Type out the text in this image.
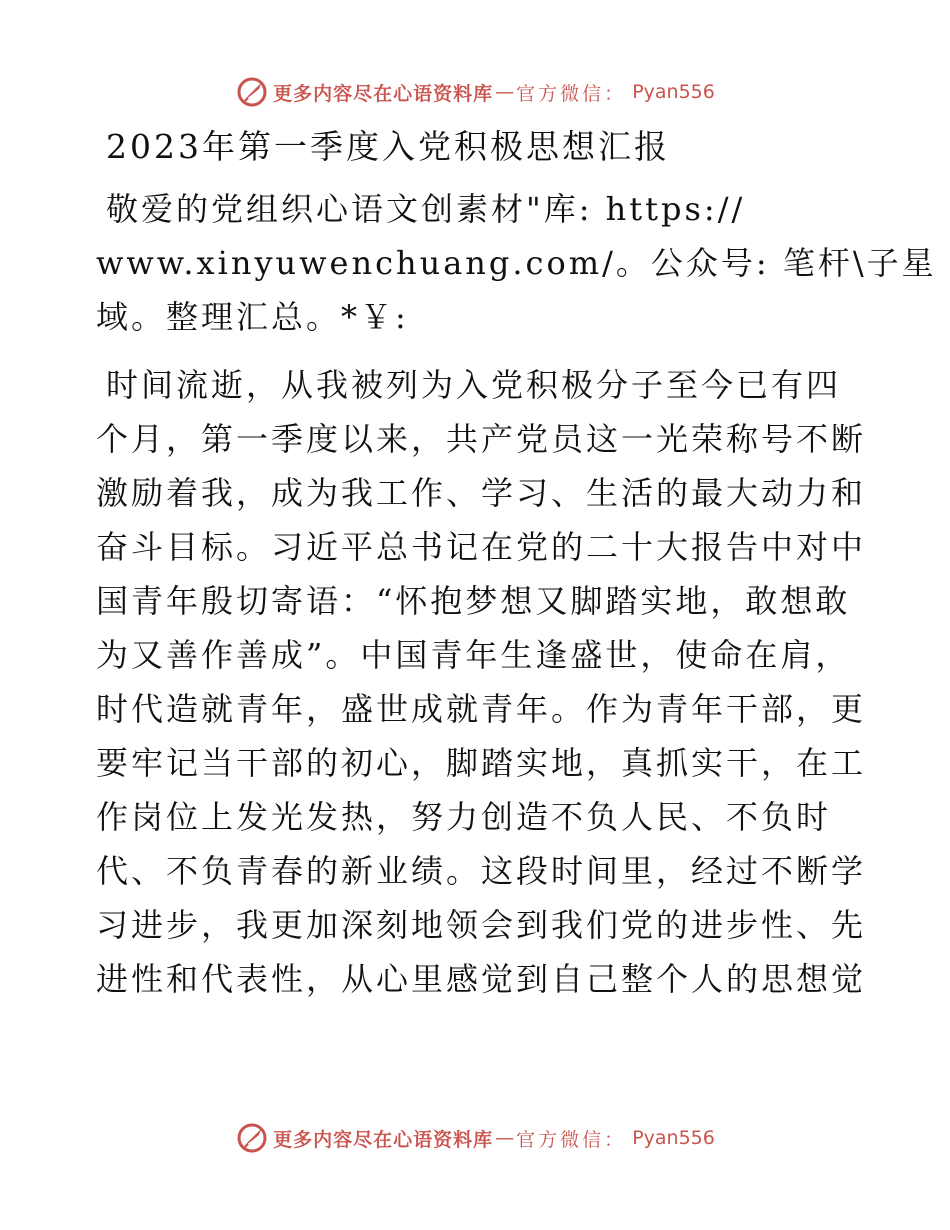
更多内容尽在心语资料库 — 官方微信： Pyan556
2023年第一季度入党积极思想汇报

敬爱的党组织心语文创素材"库: https://
www.xinyuwenchuang.com/。公众号: 笔杆\子星
域。整理汇总。*￥:

时间流逝，从我被列为入党积极分子至今已有四
个月，第一季度以来，共产党员这一光荣称号不断
激励着我，成为我工作、学习、生活的最大动力和
奋斗目标。习近平总书记在党的二十大报告中对中
国青年殷切寄语：“怀抱梦想又脚踏实地，敢想敢
为又善作善成”。中国青年生逢盛世，使命在肩，
时代造就青年，盛世成就青年。作为青年干部，更
要牢记当干部的初心，脚踏实地，真抓实干，在工
作岗位上发光发热，努力创造不负人民、不负时
代、不负青春的新业绩。这段时间里，经过不断学
习进步，我更加深刻地领会到我们党的进步性、先
进性和代表性，从心里感觉到自己整个人的思想觉

更多内容尽在心语资料库 — 官方微信： Pyan556
